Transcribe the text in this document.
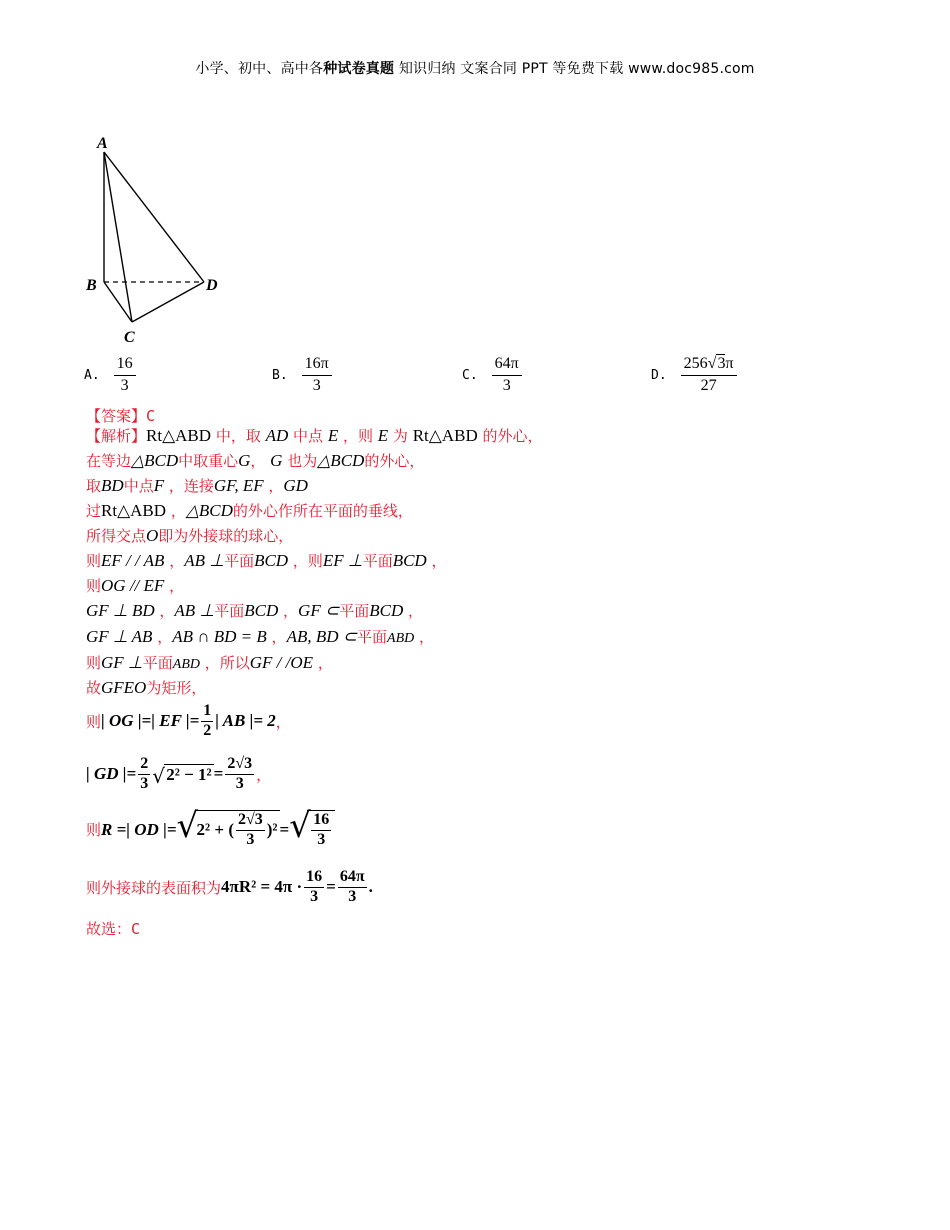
小学、初中、高中各种试卷真题 知识归纳 文案合同 PPT 等免费下载 www.doc985.com
A
B
C
D
A. $\frac{16}{3}$	B. $\frac{16\pi}{3}$	C. $\frac{64\pi}{3}$	D. $\frac{256√3\pi}{27}$
【答案】C
【解析】Rt△ABD 中，取 AD 中点 E ，则 E 为 Rt△ABD 的外心，
在等边△BCD中取重心G， G 也为△BCD的外心，
取BD中点F ，连接GF, EF ，GD
过Rt△ABD ，△BCD的外心作所在平面的垂线，
所得交点O即为外接球的球心，
则EF / / AB ，AB ⊥平面BCD ，则EF ⊥平面BCD ，
则OG // EF ，
GF ⊥ BD ，AB ⊥平面BCD ，GF ⊂平面BCD ，
GF ⊥ AB ，AB ∩ BD = B ，AB, BD ⊂平面ABD ，
则GF ⊥平面ABD ，所以GF / /OE ，
故GFEO为矩形，
则 | OG |=| EF |= $\frac{1}{2}$ | AB |= 2 ，
| GD |= $\frac{2}{3}$ √ $2^2 - 1^2 = \frac{2√3}{3}$ ，
则 R =| OD |= √
2² + ( $\frac{2√3}{3} )^2$ = √ $\frac{16}{3}$
则外接球的表面积为 $4\pi R^2 = 4\pi \cdot \frac{16}{3} = \frac{64\pi}{3}$ .
故选：C
